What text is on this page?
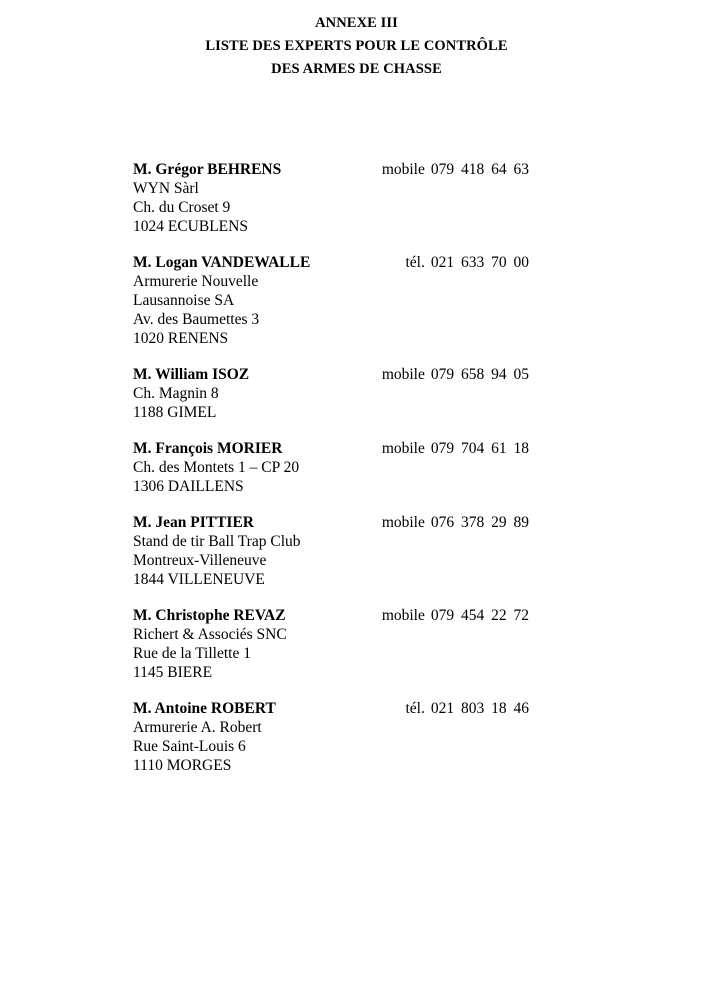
ANNEXE III
LISTE DES EXPERTS POUR LE CONTRÔLE
DES ARMES DE CHASSE
M. Grégor BEHRENS	mobile 079 418 64 63
WYN Sàrl
Ch. du Croset 9
1024 ECUBLENS
M. Logan VANDEWALLE	tél. 021 633 70 00
Armurerie Nouvelle
Lausannoise SA
Av. des Baumettes 3
1020 RENENS
M. William ISOZ	mobile 079 658 94 05
Ch. Magnin 8
1188 GIMEL
M. François MORIER	mobile 079 704 61 18
Ch. des Montets 1 – CP 20
1306 DAILLENS
M. Jean PITTIER	mobile 076 378 29 89
Stand de tir Ball Trap Club
Montreux-Villeneuve
1844 VILLENEUVE
M. Christophe REVAZ	mobile 079 454 22 72
Richert & Associés SNC
Rue de la Tillette 1
1145 BIERE
M. Antoine ROBERT	tél. 021 803 18 46
Armurerie A. Robert
Rue Saint-Louis 6
1110 MORGES
